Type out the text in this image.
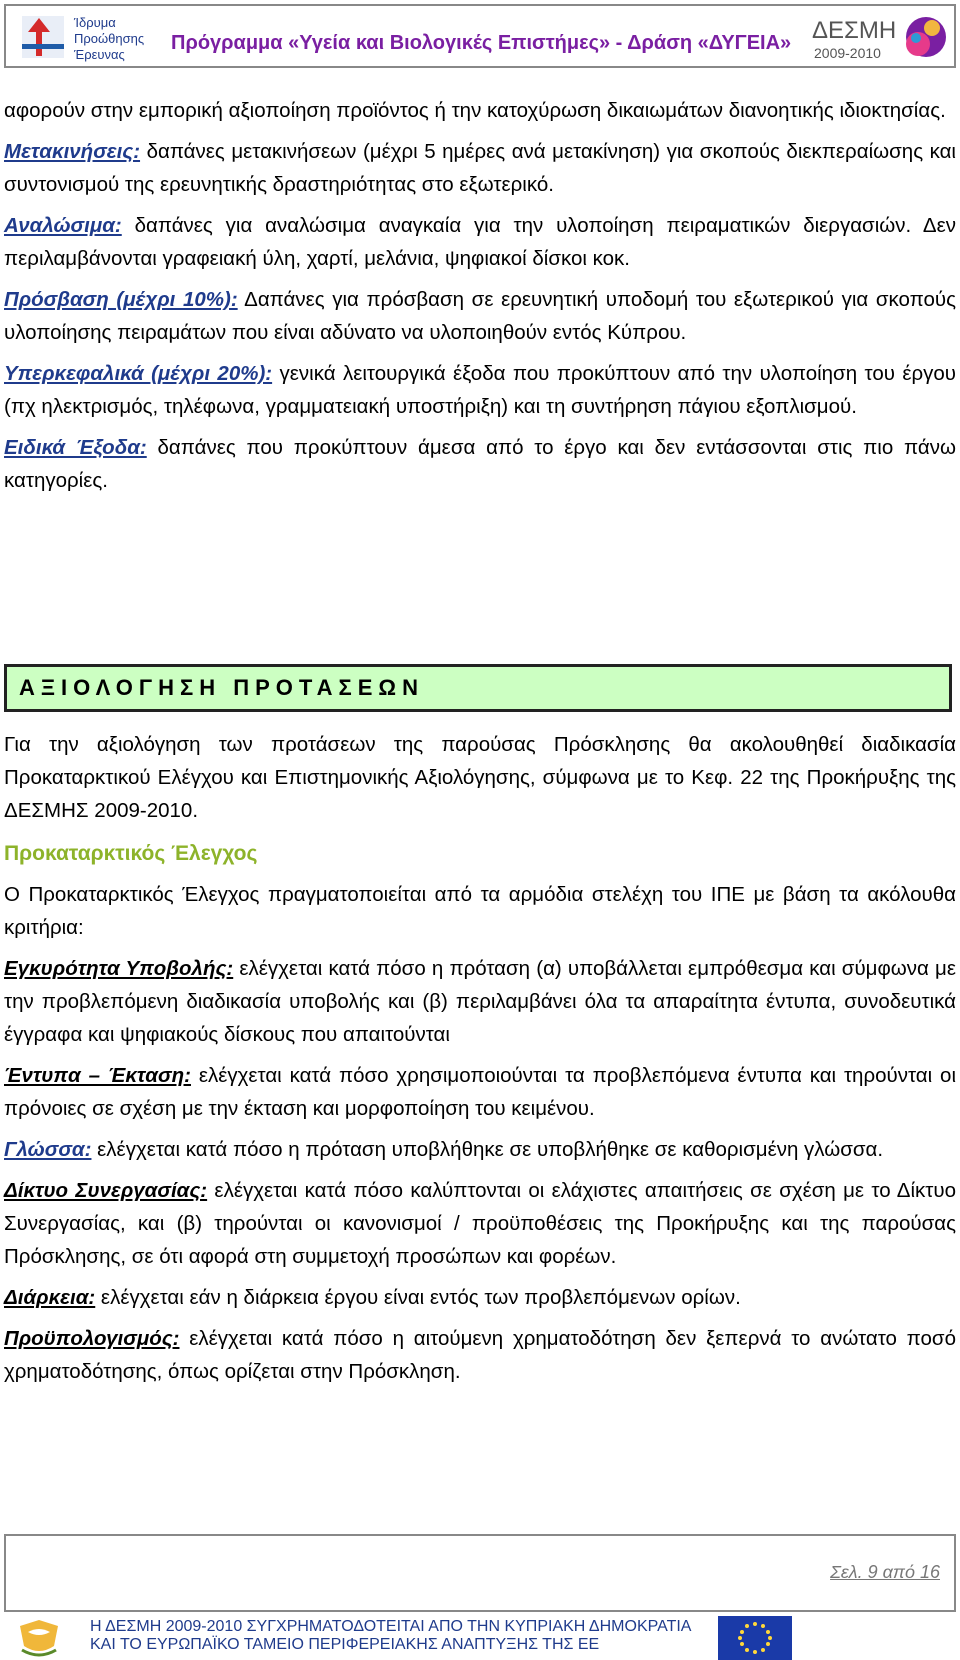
Ίδρυμα
Προώθησης
Έρευνας
Πρόγραμμα «Υγεία και Βιολογικές Επιστήμες» - Δράση «ΔΥΓΕΙΑ» ΔΕΣΜΗ
2009-2010

αφορούν στην εμπορική αξιοποίηση προϊόντος ή την κατοχύρωση δικαιωμάτων διανοητικής ιδιοκτησίας.

Μετακινήσεις: δαπάνες μετακινήσεων (μέχρι 5 ημέρες ανά μετακίνηση) για σκοπούς διεκπεραίωσης και συντονισμού της ερευνητικής δραστηριότητας στο εξωτερικό.

Αναλώσιμα: δαπάνες για αναλώσιμα αναγκαία για την υλοποίηση πειραματικών διεργασιών. Δεν περιλαμβάνονται γραφειακή ύλη, χαρτί, μελάνια, ψηφιακοί δίσκοι κοκ.

Πρόσβαση (μέχρι 10%): Δαπάνες για πρόσβαση σε ερευνητική υποδομή του εξωτερικού για σκοπούς υλοποίησης πειραμάτων που είναι αδύνατο να υλοποιηθούν εντός Κύπρου.

Υπερκεφαλικά (μέχρι 20%): γενικά λειτουργικά έξοδα που προκύπτουν από την υλοποίηση του έργου (πχ ηλεκτρισμός, τηλέφωνα, γραμματειακή υποστήριξη) και τη συντήρηση πάγιου εξοπλισμού.

Ειδικά Έξοδα: δαπάνες που προκύπτουν άμεσα από το έργο και δεν εντάσσονται στις πιο πάνω κατηγορίες.

ΑΞΙΟΛΟΓΗΣΗ ΠΡΟΤΑΣΕΩΝ

Για την αξιολόγηση των προτάσεων της παρούσας Πρόσκλησης θα ακολουθηθεί διαδικασία Προκαταρκτικού Ελέγχου και Επιστημονικής Αξιολόγησης, σύμφωνα με το Κεφ. 22 της Προκήρυξης της ΔΕΣΜΗΣ 2009-2010.

Προκαταρκτικός Έλεγχος

Ο Προκαταρκτικός Έλεγχος πραγματοποιείται από τα αρμόδια στελέχη του ΙΠΕ με βάση τα ακόλουθα κριτήρια:

Εγκυρότητα Υποβολής: ελέγχεται κατά πόσο η πρόταση (α) υποβάλλεται εμπρόθεσμα και σύμφωνα με την προβλεπόμενη διαδικασία υποβολής και (β) περιλαμβάνει όλα τα απαραίτητα έντυπα, συνοδευτικά έγγραφα και ψηφιακούς δίσκους που απαιτούνται

Έντυπα – Έκταση: ελέγχεται κατά πόσο χρησιμοποιούνται τα προβλεπόμενα έντυπα και τηρούνται οι πρόνοιες σε σχέση με την έκταση και μορφοποίηση του κειμένου.

Γλώσσα: ελέγχεται κατά πόσο η πρόταση υποβλήθηκε σε υποβλήθηκε σε καθορισμένη γλώσσα.

Δίκτυο Συνεργασίας: ελέγχεται κατά πόσο καλύπτονται οι ελάχιστες απαιτήσεις σε σχέση με το Δίκτυο Συνεργασίας, και (β) τηρούνται οι κανονισμοί / προϋποθέσεις της Προκήρυξης και της παρούσας Πρόσκλησης, σε ότι αφορά στη συμμετοχή προσώπων και φορέων.

Διάρκεια: ελέγχεται εάν η διάρκεια έργου είναι εντός των προβλεπόμενων ορίων.

Προϋπολογισμός: ελέγχεται κατά πόσο η αιτούμενη χρηματοδότηση δεν ξεπερνά το ανώτατο ποσό χρηματοδότησης, όπως ορίζεται στην Πρόσκληση.

Σελ. 9 από 16
Η ΔΕΣΜΗ 2009-2010 ΣΥΓΧΡΗΜΑΤΟΔΟΤΕΙΤΑΙ ΑΠΟ ΤΗΝ ΚΥΠΡΙΑΚΗ ΔΗΜΟΚΡΑΤΙΑ
ΚΑΙ ΤΟ ΕΥΡΩΠΑΪΚΟ ΤΑΜΕΙΟ ΠΕΡΙΦΕΡΕΙΑΚΗΣ ΑΝΑΠΤΥΞΗΣ ΤΗΣ ΕΕ
